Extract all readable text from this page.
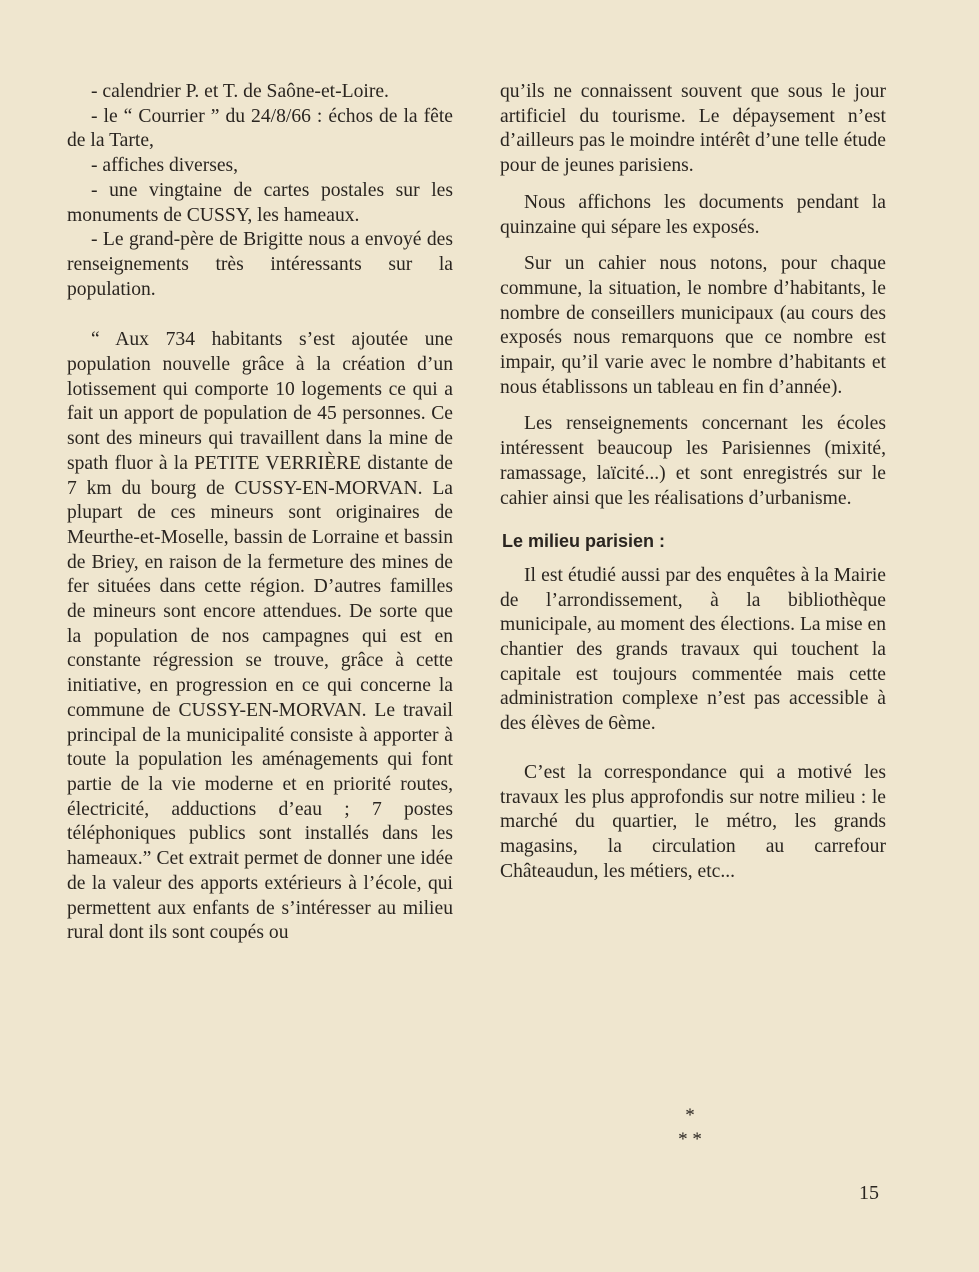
- calendrier P. et T. de Saône-et-Loire.

- le “ Courrier ” du 24/8/66 : échos de la fête de la Tarte,

- affiches diverses,

- une vingtaine de cartes postales sur les monuments de CUSSY, les hameaux.

- Le grand-père de Brigitte nous a envoyé des renseignements très intéressants sur la population.

“ Aux 734 habitants s’est ajoutée une population nouvelle grâce à la création d’un lotissement qui comporte 10 logements ce qui a fait un apport de population de 45 personnes. Ce sont des mineurs qui travaillent dans la mine de spath fluor à la PETITE VERRIÈRE distante de 7 km du bourg de CUSSY-EN-MORVAN. La plupart de ces mineurs sont originaires de Meurthe-et-Moselle, bassin de Lorraine et bassin de Briey, en raison de la fermeture des mines de fer situées dans cette région. D’autres familles de mineurs sont encore attendues. De sorte que la population de nos campagnes qui est en constante régression se trouve, grâce à cette initiative, en progression en ce qui concerne la commune de CUSSY-EN-MORVAN. Le travail principal de la municipalité consiste à apporter à toute la population les aménagements qui font partie de la vie moderne et en priorité routes, électricité, adductions d’eau ; 7 postes téléphoniques publics sont installés dans les hameaux.” Cet extrait permet de donner une idée de la valeur des apports extérieurs à l’école, qui permettent aux enfants de s’intéresser au milieu rural dont ils sont coupés ou

qu’ils ne connaissent souvent que sous le jour artificiel du tourisme. Le dépaysement n’est d’ailleurs pas le moindre intérêt d’une telle étude pour de jeunes parisiens.

Nous affichons les documents pendant la quinzaine qui sépare les exposés.

Sur un cahier nous notons, pour chaque commune, la situation, le nombre d’habitants, le nombre de conseillers municipaux (au cours des exposés nous remarquons que ce nombre est impair, qu’il varie avec le nombre d’habitants et nous établissons un tableau en fin d’année).

Les renseignements concernant les écoles intéressent beaucoup les Parisiennes (mixité, ramassage, laïcité...) et sont enregistrés sur le cahier ainsi que les réalisations d’urbanisme.

Le milieu parisien :

Il est étudié aussi par des enquêtes à la Mairie de l’arrondissement, à la bibliothèque municipale, au moment des élections. La mise en chantier des grands travaux qui touchent la capitale est toujours commentée mais cette administration complexe n’est pas accessible à des élèves de 6ème.

C’est la correspondance qui a motivé les travaux les plus approfondis sur notre milieu : le marché du quartier, le métro, les grands magasins, la circulation au carrefour Châteaudun, les métiers, etc...

*
* *
15
